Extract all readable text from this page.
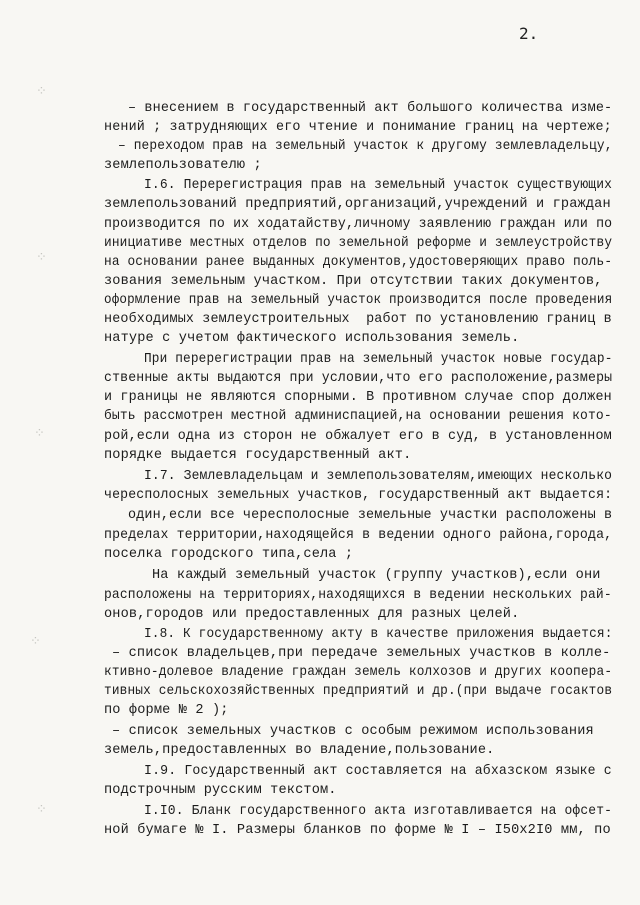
2.
⁘
⁘
⁘
⁘
⁘
– внесением в государственный акт большого количества изме-
нений ; затрудняющих его чтение и понимание границ на чертеже;
– переходом прав на земельный участок к другому землевладельцу,
землепользователю ;
I.6. Перерегистрация прав на земельный участок существующих
землепользований предприятий,организаций,учреждений и граждан
производится по их ходатайству,личному заявлению граждан или по
инициативе местных отделов по земельной реформе и землеустройству
на основании ранее выданных документов,удостоверяющих право поль-
зования земельным участком. При отсутствии таких документов,
оформление прав на земельный участок производится после проведения
необходимых землеустроительных  работ по установлению границ в
натуре с учетом фактического использования земель.
При перерегистрации прав на земельный участок новые государ-
ственные акты выдаются при условии,что его расположение,размеры
и границы не являются спорными. В противном случае спор должен
быть рассмотрен местной админиспацией,на основании решения кото-
рой,если одна из сторон не обжалует его в суд, в установленном
порядке выдается государственный акт.
I.7. Землевладельцам и землепользователям,имеющих несколько
чересполосных земельных участков, государственный акт выдается:
один,если все чересполосные земельные участки расположены в
пределах территории,находящейся в ведении одного района,города,
поселка городского типа,села ;
На каждый земельный участок (группу участков),если они
расположены на территориях,находящихся в ведении нескольких рай-
онов,городов или предоставленных для разных целей.
I.8. К государственному акту в качестве приложения выдается:
– список владельцев,при передаче земельных участков в колле-
ктивно-долевое владение граждан земель колхозов и других коопера-
тивных сельскохозяйственных предприятий и др.(при выдаче госактов
по форме № 2 );
– список земельных участков с особым режимом использования
земель,предоставленных во владение,пользование.
I.9. Государственный акт составляется на абхазском языке с
подстрочным русским текстом.
I.I0. Бланк государственного акта изготавливается на офсет-
ной бумаге № I. Размеры бланков по форме № I – I50х2I0 мм, по
